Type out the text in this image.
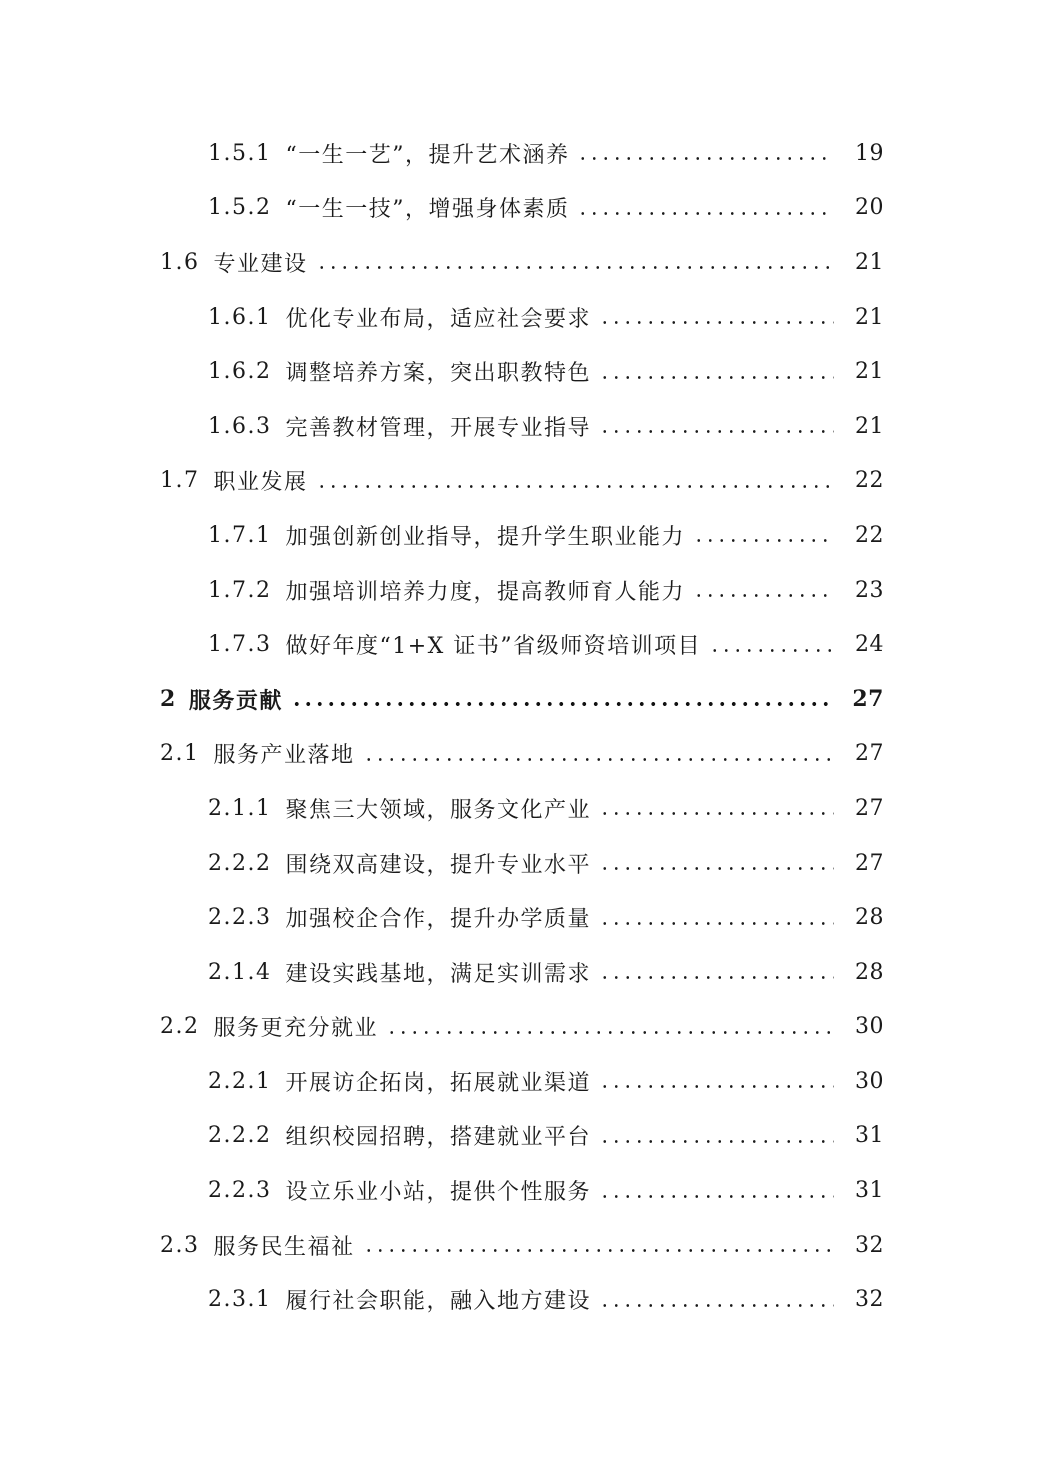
1.5.1 “一生一艺”，提升艺术涵养	19
1.5.2 “一生一技”，增强身体素质	20
1.6 专业建设	21
1.6.1 优化专业布局，适应社会要求	21
1.6.2 调整培养方案，突出职教特色	21
1.6.3 完善教材管理，开展专业指导	21
1.7 职业发展	22
1.7.1 加强创新创业指导，提升学生职业能力	22
1.7.2 加强培训培养力度，提高教师育人能力	23
1.7.3 做好年度“1+X 证书”省级师资培训项目	24
2 服务贡献	27
2.1 服务产业落地	27
2.1.1 聚焦三大领域，服务文化产业	27
2.2.2 围绕双高建设，提升专业水平	27
2.2.3 加强校企合作，提升办学质量	28
2.1.4 建设实践基地，满足实训需求	28
2.2 服务更充分就业	30
2.2.1 开展访企拓岗，拓展就业渠道	30
2.2.2 组织校园招聘，搭建就业平台	31
2.2.3 设立乐业小站，提供个性服务	31
2.3 服务民生福祉	32
2.3.1 履行社会职能，融入地方建设	32
